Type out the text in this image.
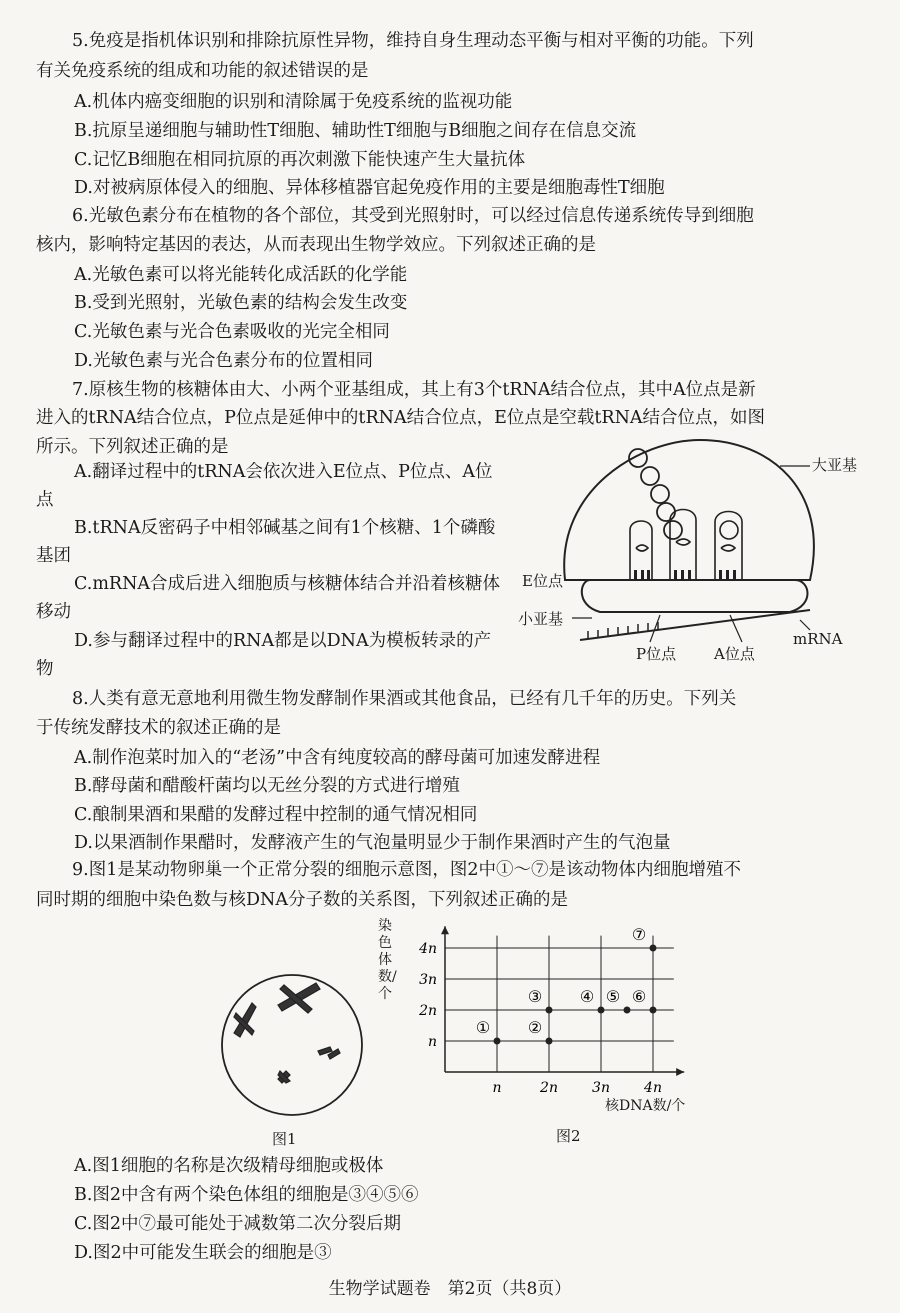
5.免疫是指机体识别和排除抗原性异物，维持自身生理动态平衡与相对平衡的功能。下列
有关免疫系统的组成和功能的叙述错误的是
A.机体内癌变细胞的识别和清除属于免疫系统的监视功能
B.抗原呈递细胞与辅助性T细胞、辅助性T细胞与B细胞之间存在信息交流
C.记忆B细胞在相同抗原的再次刺激下能快速产生大量抗体
D.对被病原体侵入的细胞、异体移植器官起免疫作用的主要是细胞毒性T细胞
6.光敏色素分布在植物的各个部位，其受到光照射时，可以经过信息传递系统传导到细胞
核内，影响特定基因的表达，从而表现出生物学效应。下列叙述正确的是
A.光敏色素可以将光能转化成活跃的化学能
B.受到光照射，光敏色素的结构会发生改变
C.光敏色素与光合色素吸收的光完全相同
D.光敏色素与光合色素分布的位置相同
7.原核生物的核糖体由大、小两个亚基组成，其上有3个tRNA结合位点，其中A位点是新
进入的tRNA结合位点，P位点是延伸中的tRNA结合位点，E位点是空载tRNA结合位点，如图
所示。下列叙述正确的是
A.翻译过程中的tRNA会依次进入E位点、P位点、A位点
B.tRNA反密码子中相邻碱基之间有1个核糖、1个磷酸基团
C.mRNA合成后进入细胞质与核糖体结合并沿着核糖体移动
D.参与翻译过程中的RNA都是以DNA为模板转录的产物
大亚基
E位点
小亚基
P位点	A位点
mRNA
8.人类有意无意地利用微生物发酵制作果酒或其他食品，已经有几千年的历史。下列关
于传统发酵技术的叙述正确的是
A.制作泡菜时加入的“老汤”中含有纯度较高的酵母菌可加速发酵进程
B.酵母菌和醋酸杆菌均以无丝分裂的方式进行增殖
C.酿制果酒和果醋的发酵过程中控制的通气情况相同
D.以果酒制作果醋时，发酵液产生的气泡量明显少于制作果酒时产生的气泡量
9.图1是某动物卵巢一个正常分裂的细胞示意图，图2中①～⑦是该动物体内细胞增殖不
同时期的细胞中染色数与核DNA分子数的关系图，下列叙述正确的是
图1
① ②
③ ④ ⑤ ⑥
⑦
n	2n 3n 4n
n
2n
3n
4n
染色体数/个
核DNA数/个
图2
A.图1细胞的名称是次级精母细胞或极体
B.图2中含有两个染色体组的细胞是③④⑤⑥
C.图2中⑦最可能处于减数第二次分裂后期
D.图2中可能发生联会的细胞是③
生物学试题卷　第2页（共8页）
